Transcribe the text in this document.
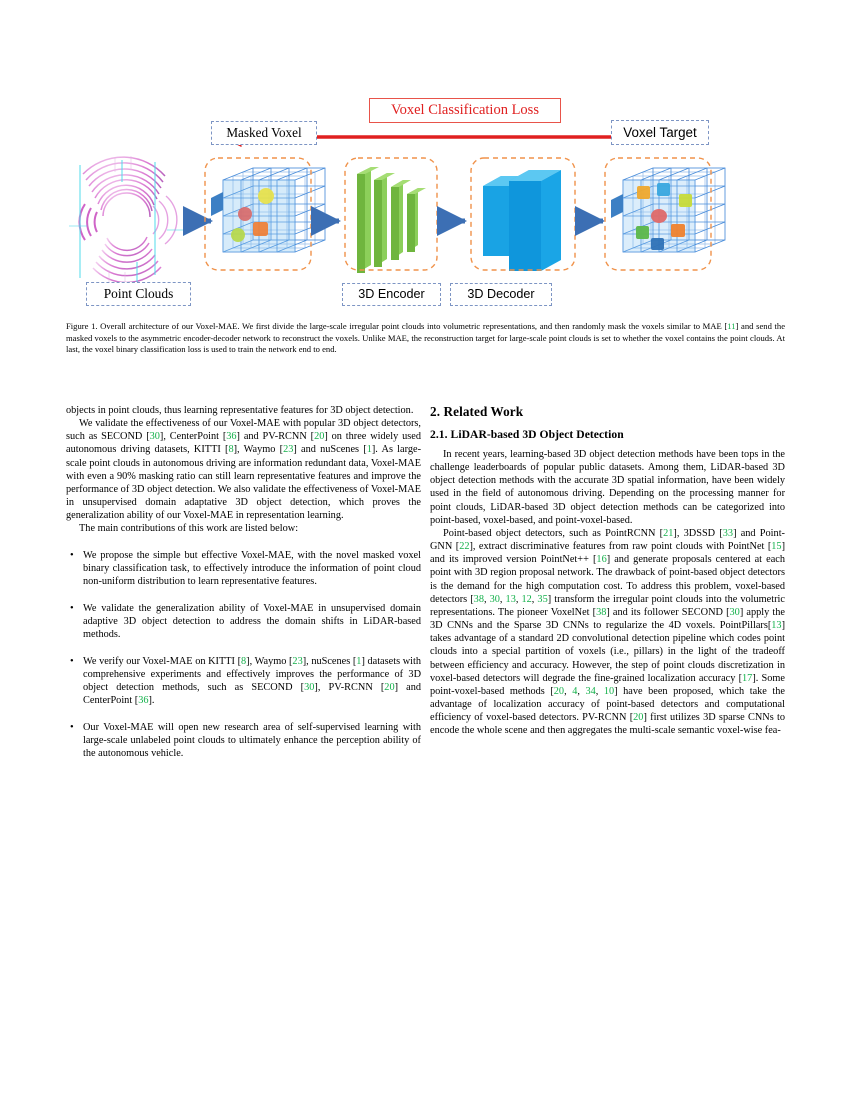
Masked Voxel
Voxel Classification Loss
Voxel Target
Point Clouds	3D Encoder	3D Decoder
Figure 1. Overall architecture of our Voxel-MAE. We first divide the large-scale irregular point clouds into volumetric representations, and then randomly mask the voxels similar to MAE [11] and send the masked voxels to the asymmetric encoder-decoder network to reconstruct the voxels. Unlike MAE, the reconstruction target for large-scale point clouds is set to whether the voxel contains the point clouds. At last, the voxel binary classification loss is used to train the network end to end.

objects in point clouds, thus learning representative features for 3D object detection.

We validate the effectiveness of our Voxel-MAE with popular 3D object detectors, such as SECOND [30], CenterPoint [36] and PV-RCNN [20] on three widely used autonomous driving datasets, KITTI [8], Waymo [23] and nuScenes [1]. As large-scale point clouds in autonomous driving are information redundant data, Voxel-MAE with even a 90% masking ratio can still learn representative features and improve the performance of 3D object detection. We also validate the effectiveness of Voxel-MAE in unsupervised domain adaptative 3D object detection, which proves the generalization ability of our Voxel-MAE in representation learning.

The main contributions of this work are listed below:

• We propose the simple but effective Voxel-MAE, with the novel masked voxel binary classification task, to effectively introduce the information of point cloud non-uniform distribution to learn representative features.
• We validate the generalization ability of Voxel-MAE in unsupervised domain adaptive 3D object detection to address the domain shifts in LiDAR-based methods.
• We verify our Voxel-MAE on KITTI [8], Waymo [23], nuScenes [1] datasets with comprehensive experiments and effectively improves the performance of 3D object detection methods, such as SECOND [30], PV-RCNN [20] and CenterPoint [36].
• Our Voxel-MAE will open new research area of self-supervised learning with large-scale unlabeled point clouds to ultimately enhance the perception ability of the autonomous vehicle.
2. Related Work
2.1. LiDAR-based 3D Object Detection

In recent years, learning-based 3D object detection methods have been tops in the challenge leaderboards of popular public datasets. Among them, LiDAR-based 3D object detection methods with the accurate 3D spatial information, have been widely used in the field of autonomous driving. Depending on the processing manner for point clouds, LiDAR-based 3D object detection methods can be categorized into point-based, voxel-based, and point-voxel-based.

Point-based object detectors, such as PointRCNN [21], 3DSSD [33] and Point-GNN [22], extract discriminative features from raw point clouds with PointNet [15] and its improved version PointNet++ [16] and generate proposals centered at each point with 3D region proposal network. The drawback of point-based object detectors is the demand for the high computation cost. To address this problem, voxel-based detectors [38, 30, 13, 12, 35] transform the irregular point clouds into the volumetric representations. The pioneer VoxelNet [38] and its follower SECOND [30] apply the 3D CNNs and the Sparse 3D CNNs to regularize the 4D voxels. PointPillars[13] takes advantage of a standard 2D convolutional detection pipeline which codes point clouds into a special partition of voxels (i.e., pillars) in the light of the tradeoff between efficiency and accuracy. However, the step of point clouds discretization in voxel-based detectors will degrade the fine-grained localization accuracy [17]. Some point-voxel-based methods [20, 4, 34, 10] have been proposed, which take the advantage of localization accuracy of point-based detectors and computational efficiency of voxel-based detectors. PV-RCNN [20] first utilizes 3D sparse CNNs to encode the whole scene and then aggregates the multi-scale semantic voxel-wise fea-
